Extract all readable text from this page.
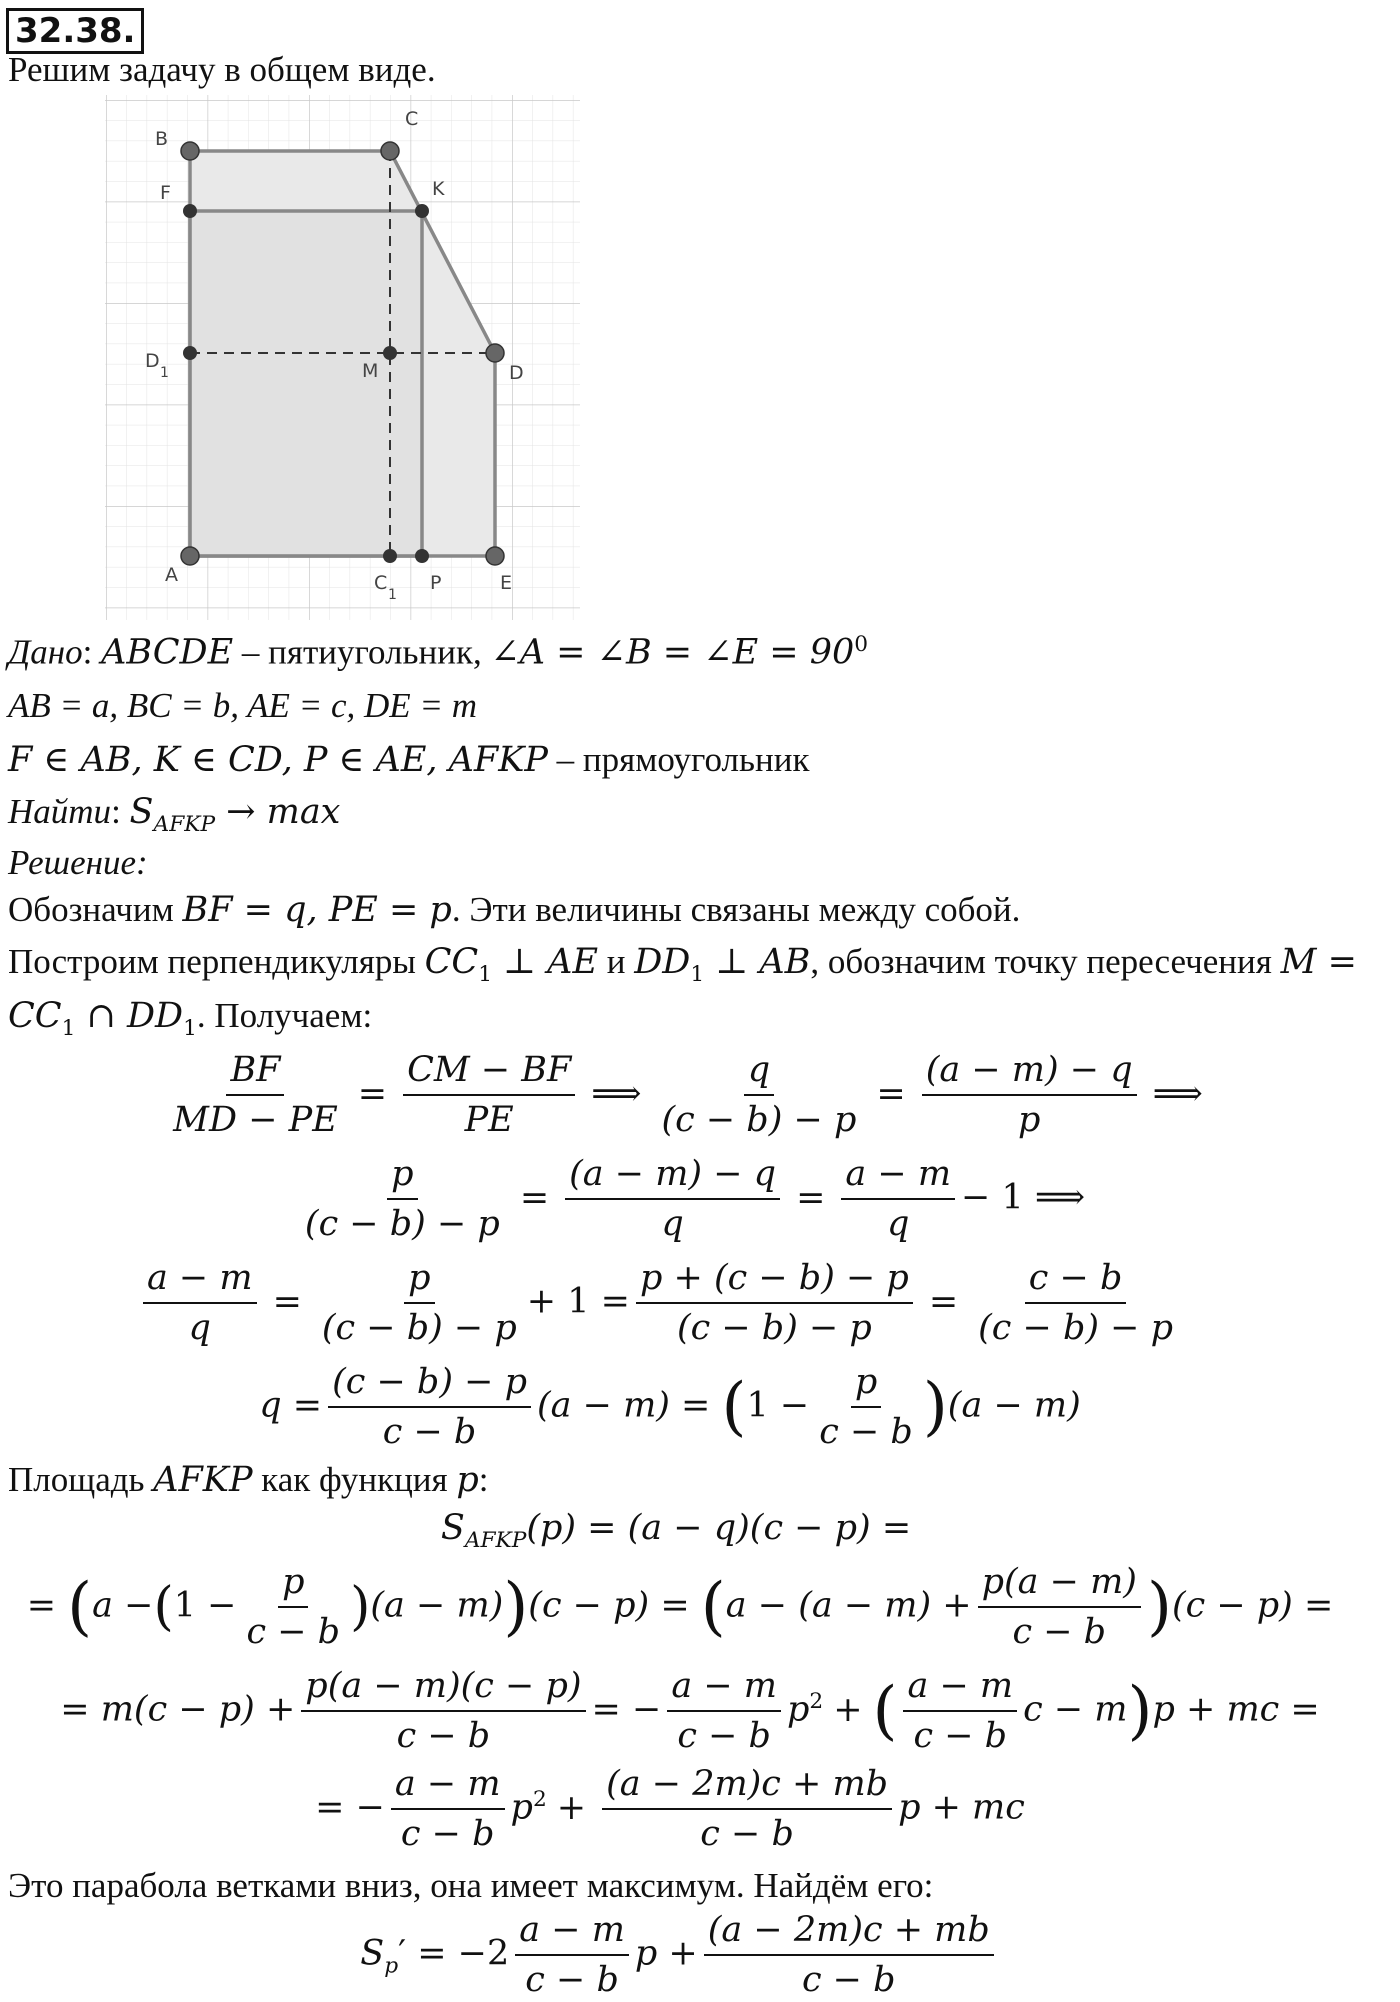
32.38.
Решим задачу в общем виде.
B
C
F	K
D
1	M	D
A	C
1
P	E
Дано: ABCDE – пятиугольник, ∠A = ∠B = ∠E = $90^0$
AB = a, BC = b, AE = c, DE = m
F ∈ AB, K ∈ CD, P ∈ AE, AFKP – прямоугольник
Найти: $S_{AFKP} \to \max$
Решение:
Обозначим BF = q, PE = p. Эти величины связаны между собой.
Построим перпендикуляры $CC_1$ ⊥ AE и $DD_1$ ⊥ AB, обозначим точку пересечения M =
$CC_1$ ∩ $DD_1$. Получаем:
$\frac{BF}{MD - PE} = \frac{CM - BF}{PE}$ ⟹ $\frac{q}{(c - b) - p} = \frac{(a - m) - q}{p}$ ⟹
$\frac{p}{(c - b) - p} = \frac{(a - m) - q}{q} = \frac{a - m}{q} - 1$ ⟹
$\frac{a - m}{q} = \frac{p}{(c - b) - p} + 1 = \frac{p + (c - b) - p}{(c - b) - p} = \frac{c - b}{(c - b) - p}$
$q = \frac{(c - b) - p}{c - b} (a - m) = (1 - \frac{p}{c - b} )(a - m)$
Площадь AFKP как функция p:
$S_{AFKP}(p) = (a - q)(c - p)$ =
= $(a -(1 - \frac{p}{c - b} )(a - m))(c - p) = (a - (a - m) + \frac{p(a - m)}{c - b} )(c - p)$ =
= $m(c - p) + \frac{p(a - m)(c - p)}{c - b}$ = − $\frac{a - m}{c - b} p^2$ + ( $\frac{a - m}{c - b}$ c − m)p + mc =
= − $\frac{a - m}{c - b} p^2 + \frac{(a - 2m)c + mb}{c - b}$ p + mc
Это парабола ветками вниз, она имеет максимум. Найдём его:
$S_p' = -2 \frac{a - m}{c - b}$ $p + \frac{(a - 2m)c + mb}{c - b}$
